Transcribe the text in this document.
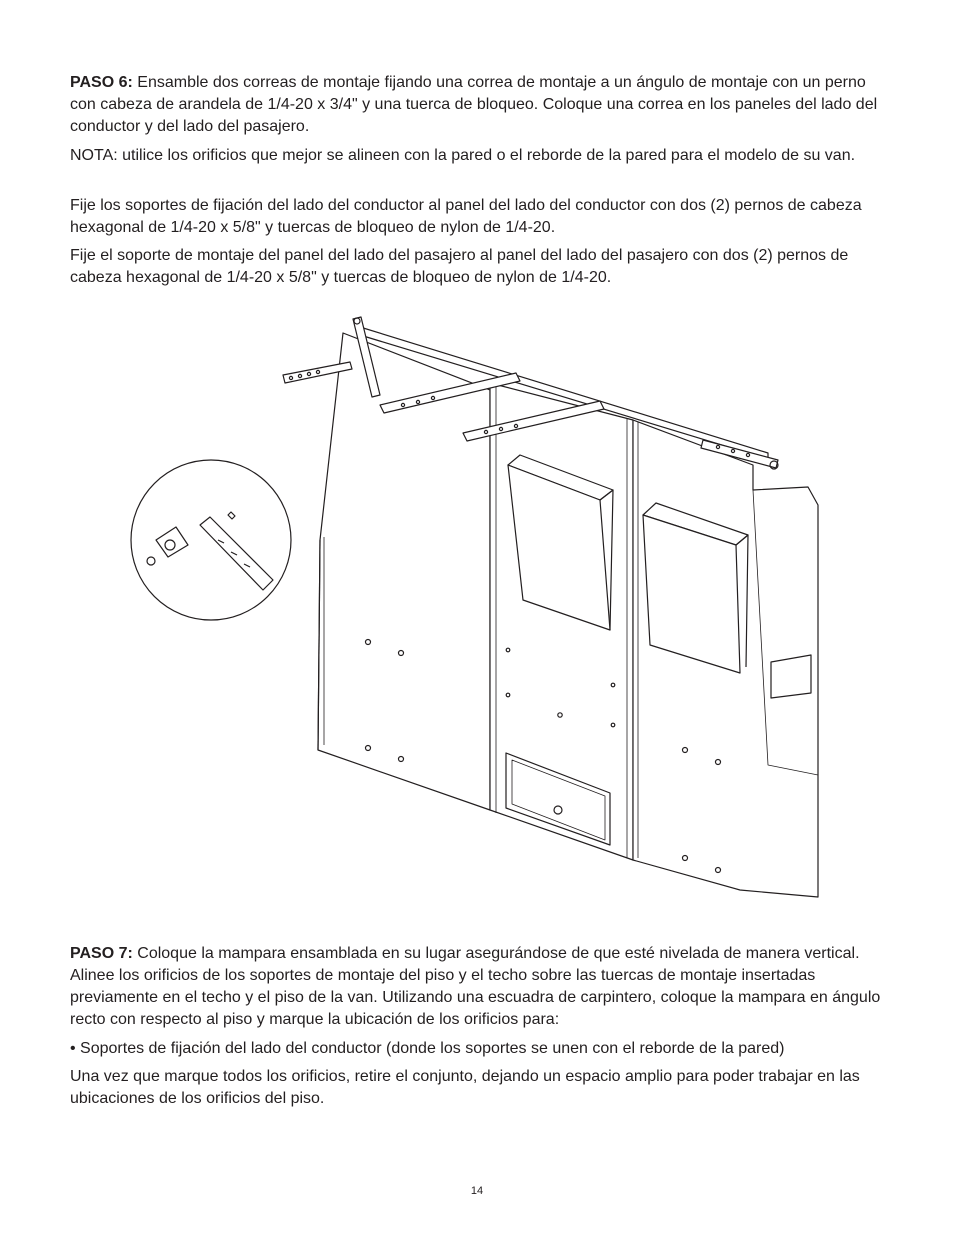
PASO 6: Ensamble dos correas de montaje fijando una correa de montaje a un ángulo de montaje con un perno con cabeza de arandela de 1/4-20 x 3/4" y una tuerca de bloqueo. Coloque una correa en los paneles del lado del conductor y del lado del pasajero.

NOTA: utilice los orificios que mejor se alineen con la pared o el reborde de la pared para el modelo de su van.

Fije los soportes de fijación del lado del conductor al panel del lado del conductor con dos (2) pernos de cabeza hexagonal de 1/4-20 x 5/8" y tuercas de bloqueo de nylon de 1/4-20.

Fije el soporte de montaje del panel del lado del pasajero al panel del lado del pasajero con dos (2) pernos de cabeza hexagonal de 1/4-20 x 5/8" y tuercas de bloqueo de nylon de 1/4-20.

PASO 7: Coloque la mampara ensamblada en su lugar asegurándose de que esté nivelada de manera vertical. Alinee los orificios de los soportes de montaje del piso y el techo sobre las tuercas de montaje insertadas previamente en el techo y el piso de la van. Utilizando una escuadra de carpintero, coloque la mampara en ángulo recto con respecto al piso y marque la ubicación de los orificios para:

• Soportes de fijación del lado del conductor (donde los soportes se unen con el reborde de la pared)

Una vez que marque todos los orificios, retire el conjunto, dejando un espacio amplio para poder trabajar en las ubicaciones de los orificios del piso.

14
